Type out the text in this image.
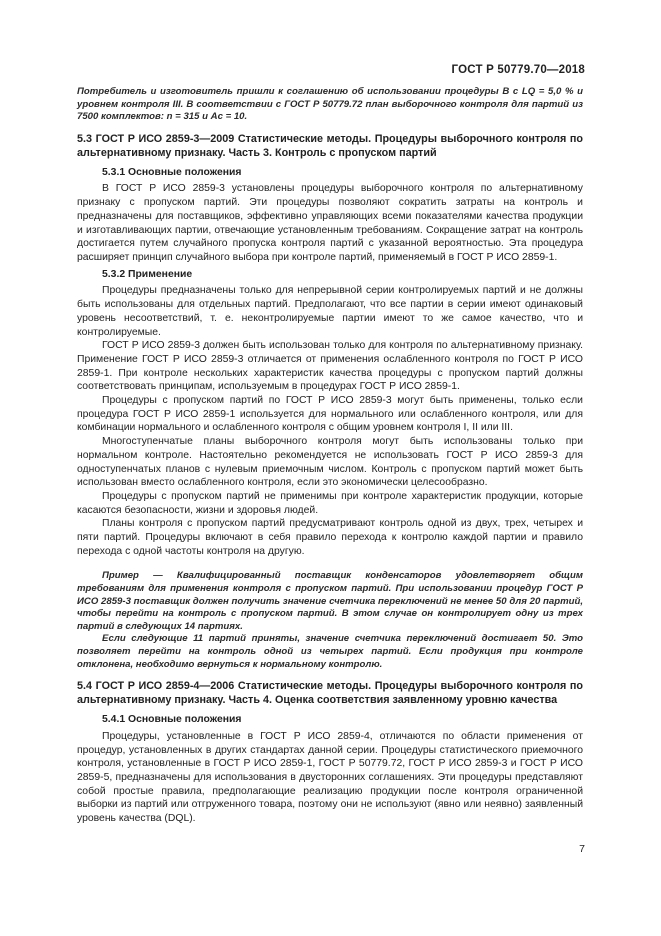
ГОСТ Р 50779.70—2018

Потребитель и изготовитель пришли к соглашению об использовании процедуры В с LQ = 5,0 % и уровнем контроля III. В соответствии с ГОСТ Р 50779.72 план выборочного контроля для партий из 7500 комплектов: n = 315 и Ac = 10.

5.3 ГОСТ Р ИСО 2859-3—2009 Статистические методы. Процедуры выборочного контроля по альтернативному признаку. Часть 3. Контроль с пропуском партий

5.3.1 Основные положения

В ГОСТ Р ИСО 2859-3 установлены процедуры выборочного контроля по альтернативному признаку с пропуском партий. Эти процедуры позволяют сократить затраты на контроль и предназначены для поставщиков, эффективно управляющих всеми показателями качества продукции и изготавливающих партии, отвечающие установленным требованиям. Сокращение затрат на контроль достигается путем случайного пропуска контроля партий с указанной вероятностью. Эта процедура расширяет принцип случайного выбора при контроле партий, применяемый в ГОСТ Р ИСО 2859-1.

5.3.2 Применение

Процедуры предназначены только для непрерывной серии контролируемых партий и не должны быть использованы для отдельных партий. Предполагают, что все партии в серии имеют одинаковый уровень несоответствий, т. е. неконтролируемые партии имеют то же самое качество, что и контролируемые.

ГОСТ Р ИСО 2859-3 должен быть использован только для контроля по альтернативному признаку. Применение ГОСТ Р ИСО 2859-3 отличается от применения ослабленного контроля по ГОСТ Р ИСО 2859-1. При контроле нескольких характеристик качества процедуры с пропуском партий должны соответствовать принципам, используемым в процедурах ГОСТ Р ИСО 2859-1.

Процедуры с пропуском партий по ГОСТ Р ИСО 2859-3 могут быть применены, только если процедура ГОСТ Р ИСО 2859-1 используется для нормального или ослабленного контроля, или для комбинации нормального и ослабленного контроля с общим уровнем контроля I, II или III.

Многоступенчатые планы выборочного контроля могут быть использованы только при нормальном контроле. Настоятельно рекомендуется не использовать ГОСТ Р ИСО 2859-3 для одноступенчатых планов с нулевым приемочным числом. Контроль с пропуском партий может быть использован вместо ослабленного контроля, если это экономически целесообразно.

Процедуры с пропуском партий не применимы при контроле характеристик продукции, которые касаются безопасности, жизни и здоровья людей.

Планы контроля с пропуском партий предусматривают контроль одной из двух, трех, четырех и пяти партий. Процедуры включают в себя правило перехода к контролю каждой партии и правило перехода с одной частоты контроля на другую.

Пример — Квалифицированный поставщик конденсаторов удовлетворяет общим требованиям для применения контроля с пропуском партий. При использовании процедур ГОСТ Р ИСО 2859-3 поставщик должен получить значение счетчика переключений не менее 50 для 20 партий, чтобы перейти на контроль с пропуском партий. В этом случае он контролирует одну из трех партий в следующих 14 партиях.

Если следующие 11 партий приняты, значение счетчика переключений достигает 50. Это позволяет перейти на контроль одной из четырех партий. Если продукция при контроле отклонена, необходимо вернуться к нормальному контролю.

5.4 ГОСТ Р ИСО 2859-4—2006 Статистические методы. Процедуры выборочного контроля по альтернативному признаку. Часть 4. Оценка соответствия заявленному уровню качества

5.4.1 Основные положения

Процедуры, установленные в ГОСТ Р ИСО 2859-4, отличаются по области применения от процедур, установленных в других стандартах данной серии. Процедуры статистического приемочного контроля, установленные в ГОСТ Р ИСО 2859-1, ГОСТ Р 50779.72, ГОСТ Р ИСО 2859-3 и ГОСТ Р ИСО 2859-5, предназначены для использования в двусторонних соглашениях. Эти процедуры представляют собой простые правила, предполагающие реализацию продукции после контроля ограниченной выборки из партий или отгруженного товара, поэтому они не используют (явно или неявно) заявленный уровень качества (DQL).

7
